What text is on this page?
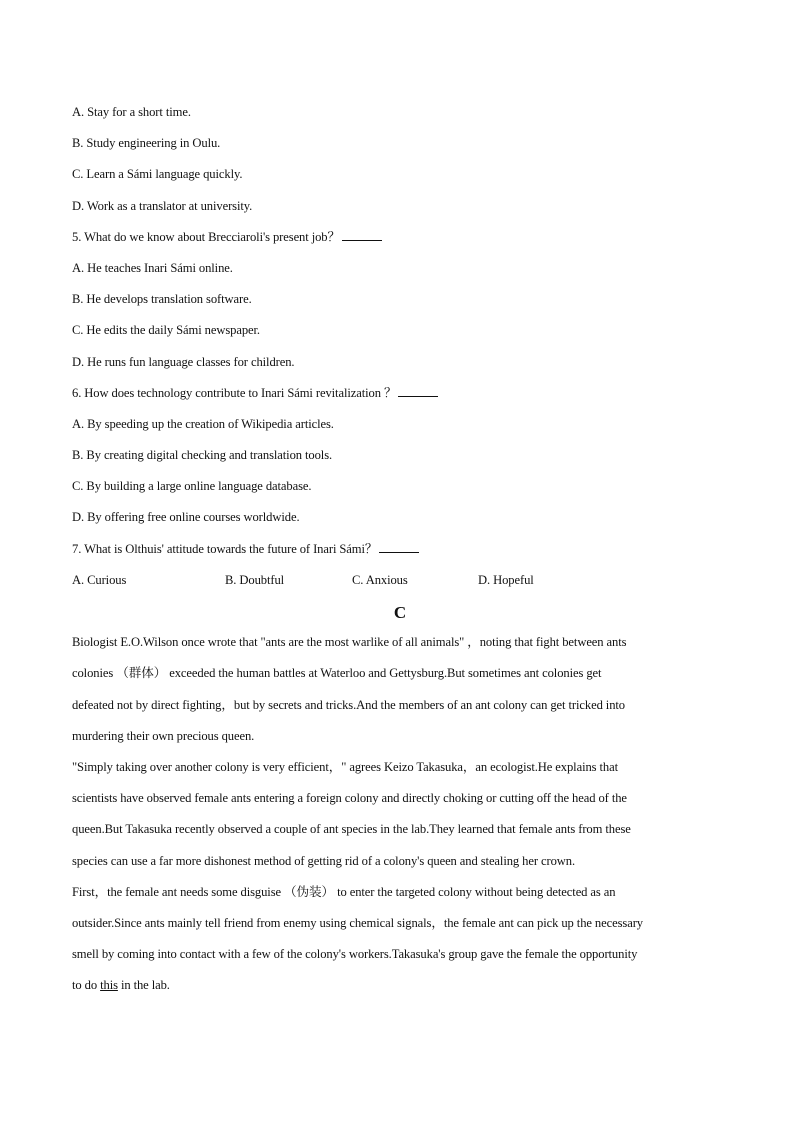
A. Stay for a short time.
B. Study engineering in Oulu.
C. Learn a Sámi language quickly.
D. Work as a translator at university.
5. What do we know about Brecciaroli's present job？
A. He teaches Inari Sámi online.
B. He develops translation software.
C. He edits the daily Sámi newspaper.
D. He runs fun language classes for children.
6. How does technology contribute to Inari Sámi revitalization ？
A. By speeding up the creation of Wikipedia articles.
B. By creating digital checking and translation tools.
C. By building a large online language database.
D. By offering free online courses worldwide.
7. What is Olthuis' attitude towards the future of Inari Sámi？
A. Curious	B. Doubtful	C. Anxious	D. Hopeful
C
Biologist E.O.Wilson once wrote that "ants are the most warlike of all animals" ，noting that fight between ants
colonies （群体） exceeded the human battles at Waterloo and Gettysburg.But sometimes ant colonies get
defeated not by direct fighting，but by secrets and tricks.And the members of an ant colony can get tricked into
murdering their own precious queen.
"Simply taking over another colony is very efficient，" agrees Keizo Takasuka，an ecologist.He explains that
scientists have observed female ants entering a foreign colony and directly choking or cutting off the head of the
queen.But Takasuka recently observed a couple of ant species in the lab.They learned that female ants from these
species can use a far more dishonest method of getting rid of a colony's queen and stealing her crown.
First，the female ant needs some disguise （伪装） to enter the targeted colony without being detected as an
outsider.Since ants mainly tell friend from enemy using chemical signals，the female ant can pick up the necessary
smell by coming into contact with a few of the colony's workers.Takasuka's group gave the female the opportunity
to do this in the lab.
